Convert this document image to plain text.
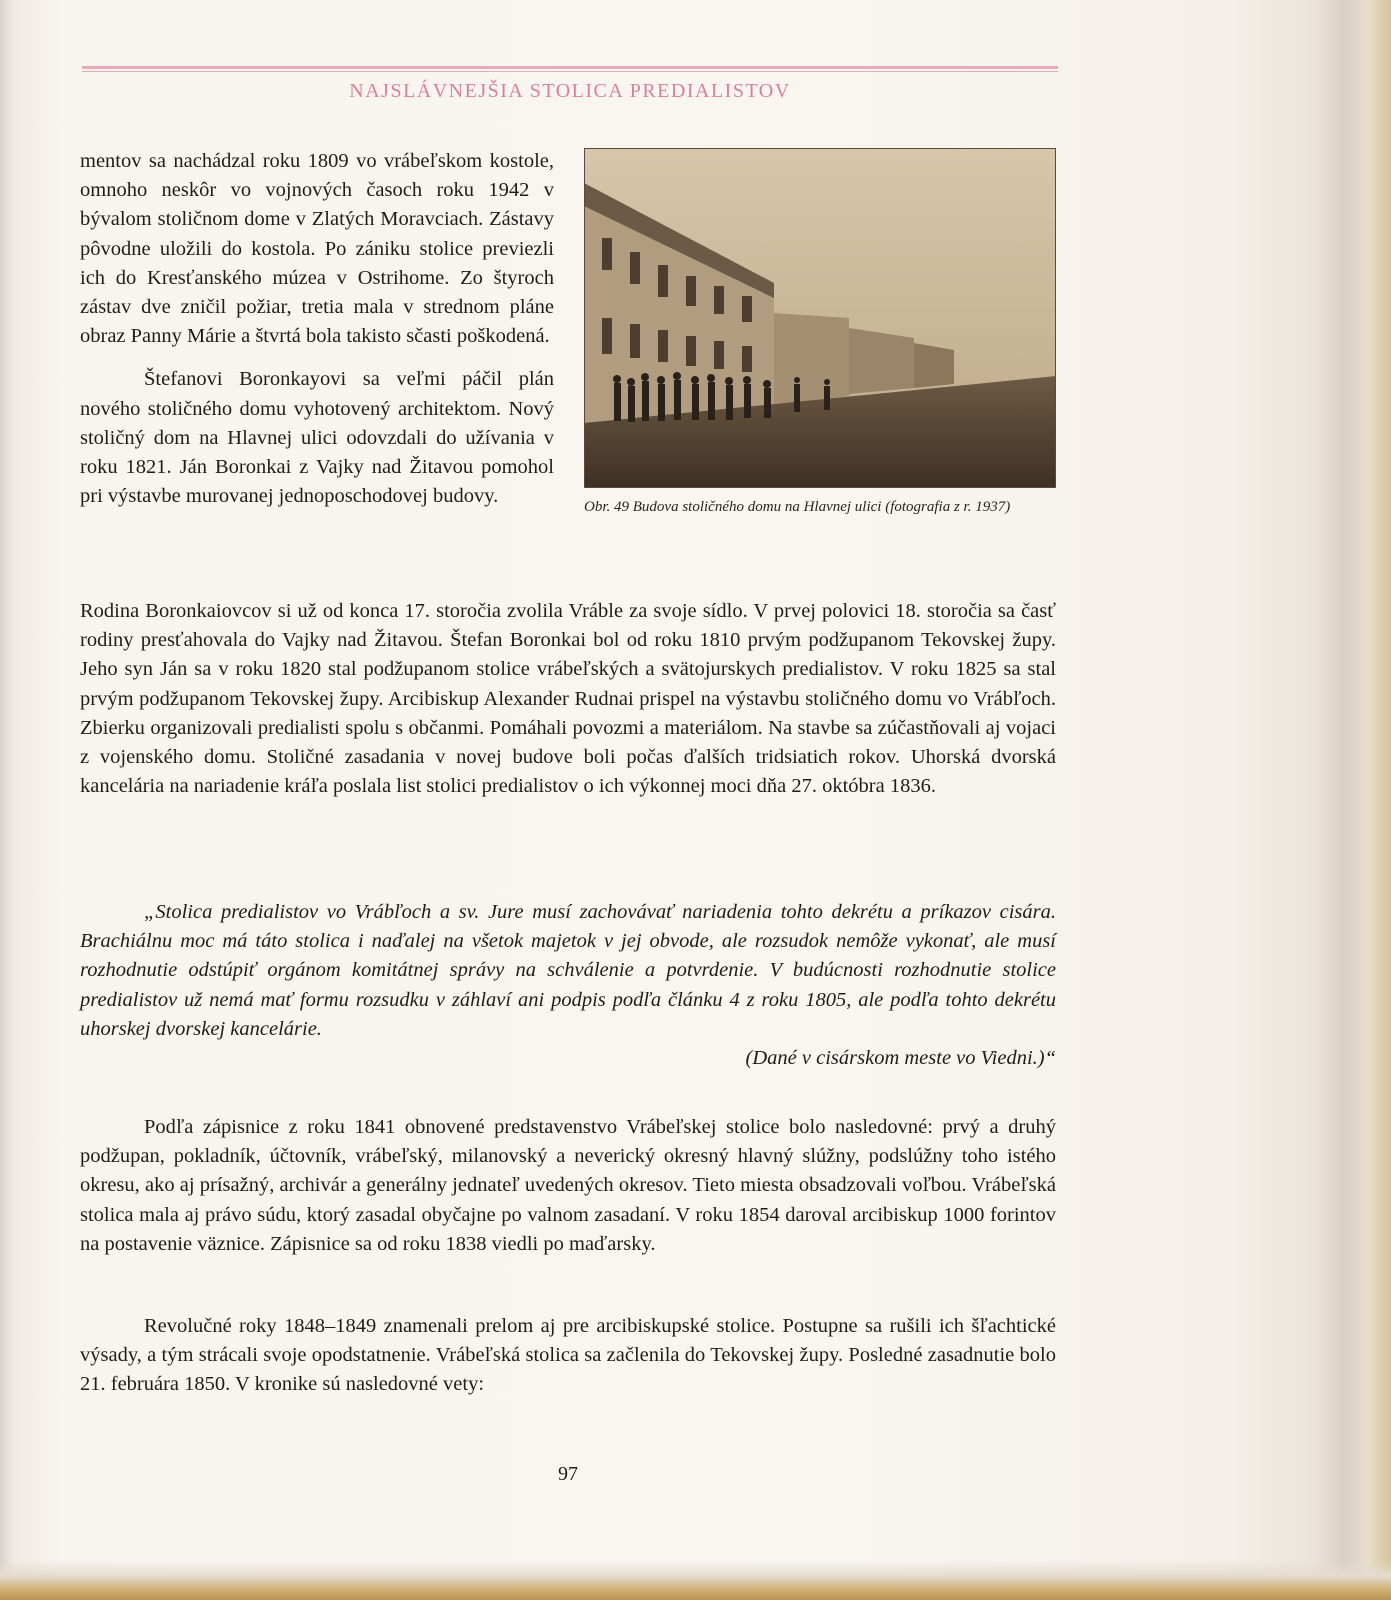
NAJSLÁVNEJŠIA STOLICA PREDIALISTOV

mentov sa nachádzal roku 1809 vo vrábeľskom kostole, omnoho neskôr vo vojnových časoch roku 1942 v bývalom stoličnom dome v Zlatých Moravciach. Zástavy pôvodne uložili do kostola. Po zániku stolice previezli ich do Kresťanského múzea v Ostrihome. Zo štyroch zástav dve zničil požiar, tretia mala v strednom pláne obraz Panny Márie a štvrtá bola takisto sčasti poškodená.

Štefanovi Boronkayovi sa veľmi páčil plán nového stoličného domu vyhotovený architektom. Nový stoličný dom na Hlavnej ulici odovzdali do užívania v roku 1821. Ján Boronkai z Vajky nad Žitavou pomohol pri výstavbe murovanej jednoposchodovej budovy.	Obr. 49 Budova stoličného domu na Hlavnej ulici (fotografia z r. 1937)

Rodina Boronkaiovcov si už od konca 17. storočia zvolila Vráble za svoje sídlo. V prvej polovici 18. storočia sa časť rodiny presťahovala do Vajky nad Žitavou. Štefan Boronkai bol od roku 1810 prvým podžupanom Tekovskej župy. Jeho syn Ján sa v roku 1820 stal podžupanom stolice vrábeľských a svätojurskych predialistov. V roku 1825 sa stal prvým podžupanom Tekovskej župy. Arcibiskup Alexander Rudnai prispel na výstavbu stoličného domu vo Vrábľoch. Zbierku organizovali predialisti spolu s občanmi. Pomáhali povozmi a materiálom. Na stavbe sa zúčastňovali aj vojaci z vojenského domu. Stoličné zasadania v novej budove boli počas ďalších tridsiatich rokov. Uhorská dvorská kancelária na nariadenie kráľa poslala list stolici predialistov o ich výkonnej moci dňa 27. októbra 1836.

„Stolica predialistov vo Vrábľoch a sv. Jure musí zachovávať nariadenia tohto dekrétu a príkazov cisára. Brachiálnu moc má táto stolica i naďalej na všetok majetok v jej obvode, ale rozsudok nemôže vykonať, ale musí rozhodnutie odstúpiť orgánom komitátnej správy na schválenie a potvrdenie. V budúcnosti rozhodnutie stolice predialistov už nemá mať formu rozsudku v záhlaví ani podpis podľa článku 4 z roku 1805, ale podľa tohto dekrétu uhorskej dvorskej kancelárie.

(Dané v cisárskom meste vo Viedni.)“

Podľa zápisnice z roku 1841 obnovené predstavenstvo Vrábeľskej stolice bolo nasledovné: prvý a druhý podžupan, pokladník, účtovník, vrábeľský, milanovský a neverický okresný hlavný slúžny, podslúžny toho istého okresu, ako aj prísažný, archivár a generálny jednateľ uvedených okresov. Tieto miesta obsadzovali voľbou. Vrábeľská stolica mala aj právo súdu, ktorý zasadal obyčajne po valnom zasadaní. V roku 1854 daroval arcibiskup 1000 forintov na postavenie väznice. Zápisnice sa od roku 1838 viedli po maďarsky.

Revolučné roky 1848–1849 znamenali prelom aj pre arcibiskupské stolice. Postupne sa rušili ich šľachtické výsady, a tým strácali svoje opodstatnenie. Vrábeľská stolica sa začlenila do Tekovskej župy. Posledné zasadnutie bolo 21. februára 1850. V kronike sú nasledovné vety:

97
